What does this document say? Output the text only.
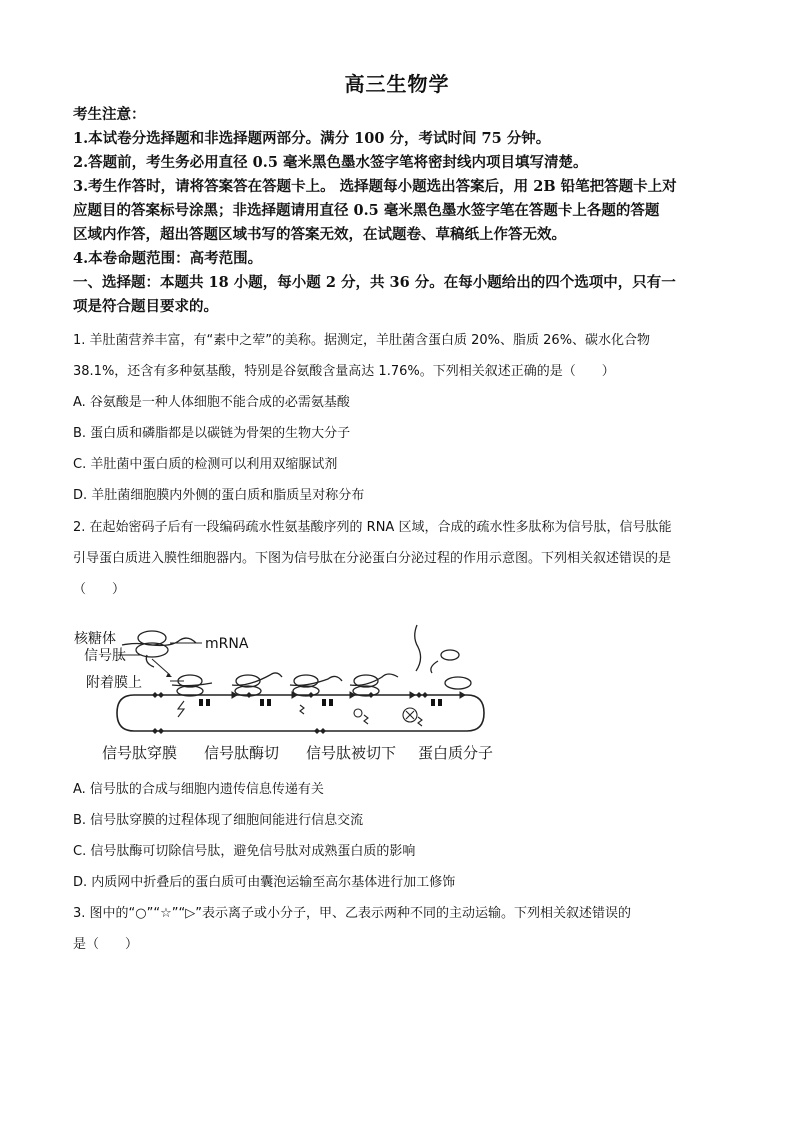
高三生物学
考生注意：
1.本试卷分选择题和非选择题两部分。满分 100 分，考试时间 75 分钟。
2.答题前，考生务必用直径 0.5 毫米黑色墨水签字笔将密封线内项目填写清楚。
3.考生作答时，请将答案答在答题卡上。 选择题每小题选出答案后，用 2B 铅笔把答题卡上对
应题目的答案标号涂黑；非选择题请用直径 0.5 毫米黑色墨水签字笔在答题卡上各题的答题
区域内作答，超出答题区域书写的答案无效，在试题卷、草稿纸上作答无效。
4.本卷命题范围：高考范围。
一、选择题：本题共 18 小题，每小题 2 分，共 36 分。在每小题给出的四个选项中，只有一
项是符合题目要求的。
1. 羊肚菌营养丰富，有“素中之荤”的美称。据测定，羊肚菌含蛋白质 20%、脂质 26%、碳水化合物
38.1%，还含有多种氨基酸，特别是谷氨酸含量高达 1.76%。下列相关叙述正确的是（　　）
A. 谷氨酸是一种人体细胞不能合成的必需氨基酸
B. 蛋白质和磷脂都是以碳链为骨架的生物大分子
C. 羊肚菌中蛋白质的检测可以利用双缩脲试剂
D. 羊肚菌细胞膜内外侧的蛋白质和脂质呈对称分布
2. 在起始密码子后有一段编码疏水性氨基酸序列的 RNA 区域，合成的疏水性多肽称为信号肽，信号肽能
引导蛋白质进入膜性细胞器内。下图为信号肽在分泌蛋白分泌过程的作用示意图。下列相关叙述错误的是
（　　）
核糖体	mRNA
信号肽
附着膜上
信号肽穿膜 信号肽酶切 信号肽被切下 蛋白质分子
A. 信号肽的合成与细胞内遗传信息传递有关
B. 信号肽穿膜的过程体现了细胞间能进行信息交流
C. 信号肽酶可切除信号肽，避免信号肽对成熟蛋白质的影响
D. 内质网中折叠后的蛋白质可由囊泡运输至高尔基体进行加工修饰
3. 图中的“○”“☆”“▷”表示离子或小分子，甲、乙表示两种不同的主动运输。下列相关叙述错误的
是（　　）
